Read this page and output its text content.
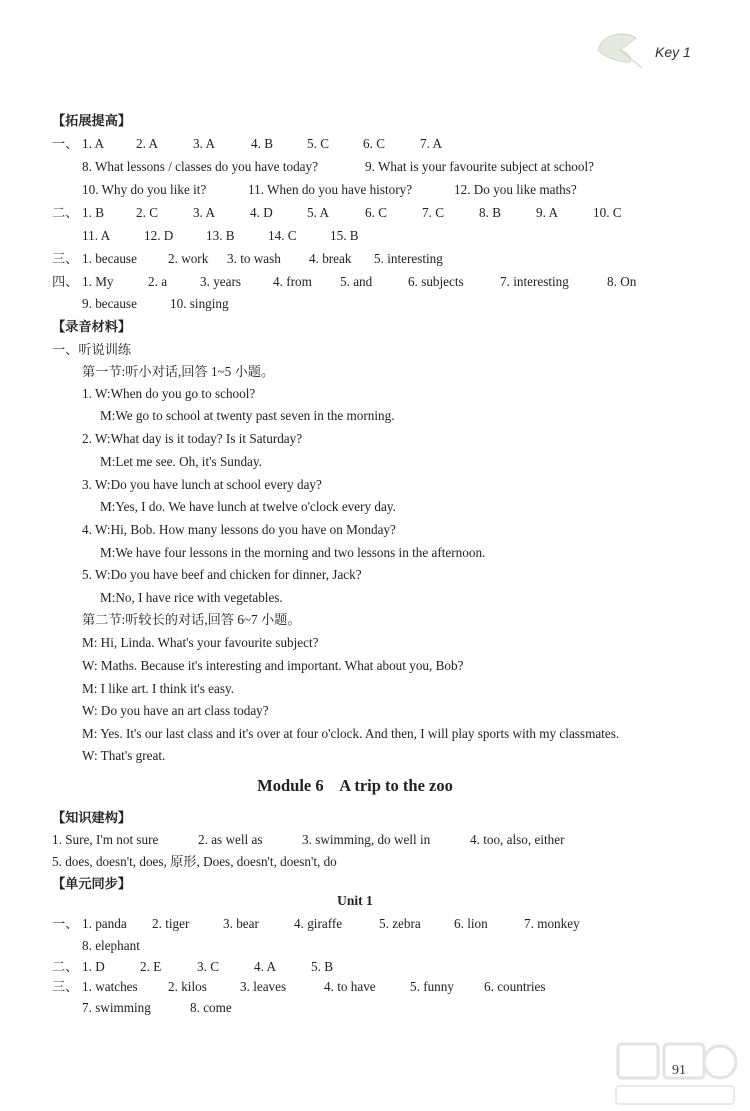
Key 1
【拓展提高】
一、 1. A 2. A	3. A	4. B	5. C	6. C	7. A
8. What lessons / classes do you have today?	9. What is your favourite subject at school?
10. Why do you like it?	11. When do you have history?	12. Do you like maths?
二、 1. B 2. C	3. A	4. D	5. A	6. C	7. C	8. B	9. A	10. C
11. A	12. D 13. B	14. C	15. B
三、 1. because 2. work 3. to wash 4. break 5. interesting
四、 1. My	2. a 3. years 4. from 5. and	6. subjects	7. interesting	8. On
9. because	10. singing
【录音材料】
一、听说训练
第一节:听小对话,回答 1~5 小题。
1. W:When do you go to school?
M:We go to school at twenty past seven in the morning.
2. W:What day is it today? Is it Saturday?
M:Let me see. Oh, it's Sunday.
3. W:Do you have lunch at school every day?
M:Yes, I do. We have lunch at twelve o'clock every day.
4. W:Hi, Bob. How many lessons do you have on Monday?
M:We have four lessons in the morning and two lessons in the afternoon.
5. W:Do you have beef and chicken for dinner, Jack?
M:No, I have rice with vegetables.
第二节:听较长的对话,回答 6~7 小题。
M: Hi, Linda. What's your favourite subject?
W: Maths. Because it's interesting and important. What about you, Bob?
M: I like art. I think it's easy.
W: Do you have an art class today?
M: Yes. It's our last class and it's over at four o'clock. And then, I will play sports with my classmates.
W: That's great.
Module 6    A trip to the zoo
【知识建构】
1. Sure, I'm not sure	2. as well as	3. swimming, do well in	4. too, also, either
5. does, doesn't, does, 原形, Does, doesn't, doesn't, do
【单元同步】
Unit 1
一、 1. panda 2. tiger	3. bear	4. giraffe	5. zebra	6. lion	7. monkey
8. elephant
二、 1. D	2. E	3. C	4. A	5. B
三、 1. watches 2. kilos	3. leaves	4. to have	5. funny 6. countries
7. swimming	8. come
91
